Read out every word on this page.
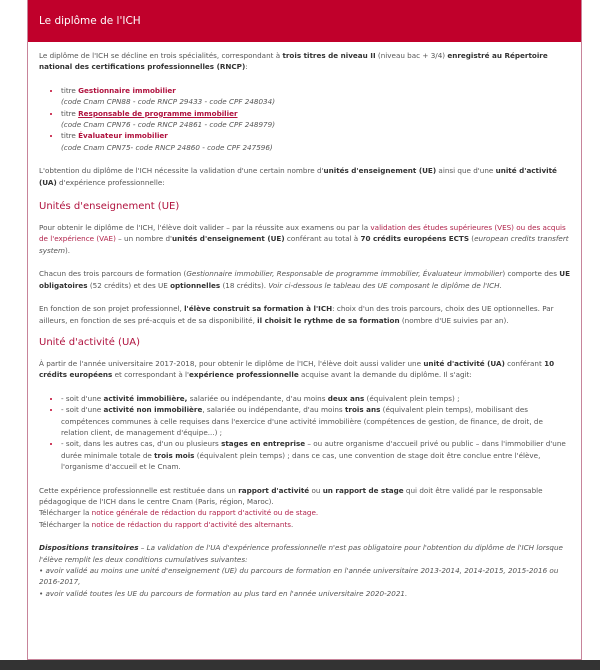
Le diplôme de l'ICH

Le diplôme de l'ICH se décline en trois spécialités, correspondant à trois titres de niveau II (niveau bac + 3/4) enregistré au Répertoire national des certifications professionnelles (RNCP):

• titre Gestionnaire immobilier
(code Cnam CPN88 - code RNCP 29433 - code CPF 248034)
• titre Responsable de programme immobilier
(code Cnam CPN76 - code RNCP 24861 - code CPF 248979)
• titre Évaluateur immobilier
(code Cnam CPN75- code RNCP 24860 - code CPF 247596)

L'obtention du diplôme de l'ICH nécessite la validation d'une certain nombre d'unités d'enseignement (UE) ainsi que d'une unité d'activité (UA) d'expérience professionnelle:

Unités d'enseignement (UE)

Pour obtenir le diplôme de l'ICH, l'élève doit valider – par la réussite aux examens ou par la validation des études supérieures (VES) ou des acquis de l'expérience (VAE) – un nombre d'unités d'enseignement (UE) conférant au total à 70 crédits européens ECTS (european credits transfert system).

Chacun des trois parcours de formation (Gestionnaire immobilier, Responsable de programme immobilier, Évaluateur immobilier) comporte des UE obligatoires (52 crédits) et des UE optionnelles (18 crédits). Voir ci-dessous le tableau des UE composant le diplôme de l'ICH.

En fonction de son projet professionnel, l'élève construit sa formation à l'ICH: choix d'un des trois parcours, choix des UE optionnelles. Par ailleurs, en fonction de ses pré-acquis et de sa disponibilité, il choisit le rythme de sa formation (nombre d'UE suivies par an).

Unité d'activité (UA)

À partir de l'année universitaire 2017-2018, pour obtenir le diplôme de l'ICH, l'élève doit aussi valider une unité d'activité (UA) conférant 10 crédits européens et correspondant à l'expérience professionnelle acquise avant la demande du diplôme. Il s'agit:

• - soit d'une activité immobilière, salariée ou indépendante, d'au moins deux ans (équivalent plein temps) ;
• - soit d'une activité non immobilière, salariée ou indépendante, d'au moins trois ans (équivalent plein temps), mobilisant des compétences communes à celle requises dans l'exercice d'une activité immobilière (compétences de gestion, de finance, de droit, de relation client, de management d'équipe...) ;
• - soit, dans les autres cas, d'un ou plusieurs stages en entreprise – ou autre organisme d'accueil privé ou public – dans l'immobilier d'une durée minimale totale de trois mois (équivalent plein temps) ; dans ce cas, une convention de stage doit être conclue entre l'élève, l'organisme d'accueil et le Cnam.

Cette expérience professionnelle est restituée dans un rapport d'activité ou un rapport de stage qui doit être validé par le responsable pédagogique de l'ICH dans le centre Cnam (Paris, région, Maroc).
Télécharger la notice générale de rédaction du rapport d'activité ou de stage.
Télécharger la notice de rédaction du rapport d'activité des alternants.

Dispositions transitoires – La validation de l'UA d'expérience professionnelle n'est pas obligatoire pour l'obtention du diplôme de l'ICH lorsque l'élève remplit les deux conditions cumulatives suivantes:
• avoir validé au moins une unité d'enseignement (UE) du parcours de formation en l'année universitaire 2013-2014, 2014-2015, 2015-2016 ou 2016-2017,
• avoir validé toutes les UE du parcours de formation au plus tard en l'année universitaire 2020-2021.
